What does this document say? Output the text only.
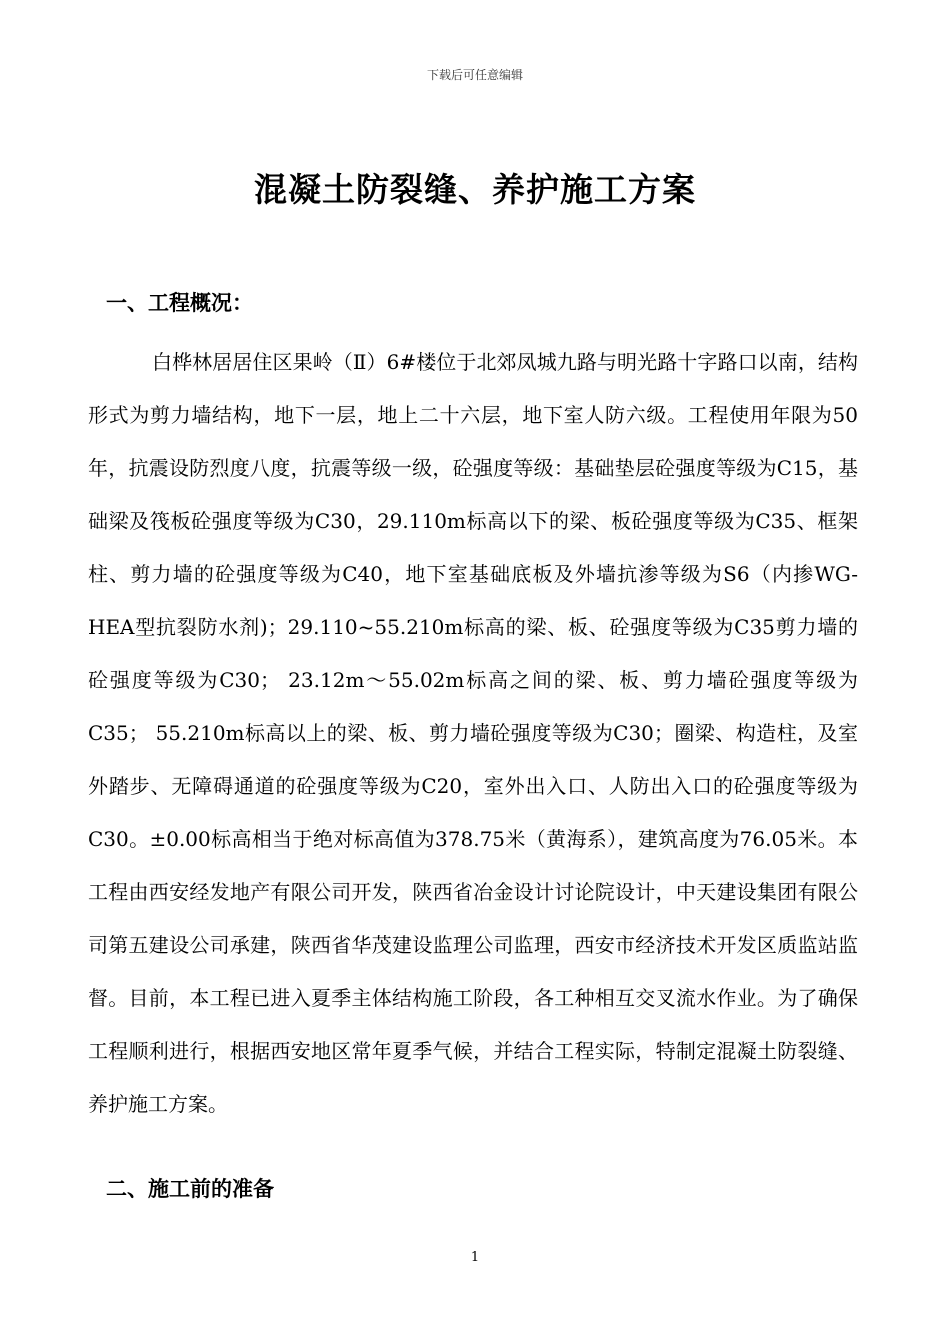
下载后可任意编辑
混凝土防裂缝、养护施工方案
一、工程概况：

白桦林居居住区果岭（Ⅱ）6#楼位于北郊凤城九路与明光路十字路口以南，结构形式为剪力墙结构，地下一层，地上二十六层，地下室人防六级。工程使用年限为50年，抗震设防烈度八度，抗震等级一级，砼强度等级：基础垫层砼强度等级为C15，基础梁及筏板砼强度等级为C30，29.110m标高以下的梁、板砼强度等级为C35、框架柱、剪力墙的砼强度等级为C40，地下室基础底板及外墙抗渗等级为S6（内掺WG-HEA型抗裂防水剂)；29.110~55.210m标高的梁、板、砼强度等级为C35剪力墙的砼强度等级为C30； 23.12m～55.02m标高之间的梁、板、剪力墙砼强度等级为C35； 55.210m标高以上的梁、板、剪力墙砼强度等级为C30；圈梁、构造柱，及室外踏步、无障碍通道的砼强度等级为C20，室外出入口、人防出入口的砼强度等级为C30。±0.00标高相当于绝对标高值为378.75米（黄海系），建筑高度为76.05米。本工程由西安经发地产有限公司开发，陕西省冶金设计讨论院设计，中天建设集团有限公司第五建设公司承建，陕西省华茂建设监理公司监理，西安市经济技术开发区质监站监督。目前，本工程已进入夏季主体结构施工阶段，各工种相互交叉流水作业。为了确保工程顺利进行，根据西安地区常年夏季气候，并结合工程实际，特制定混凝土防裂缝、养护施工方案。

二、施工前的准备
1
